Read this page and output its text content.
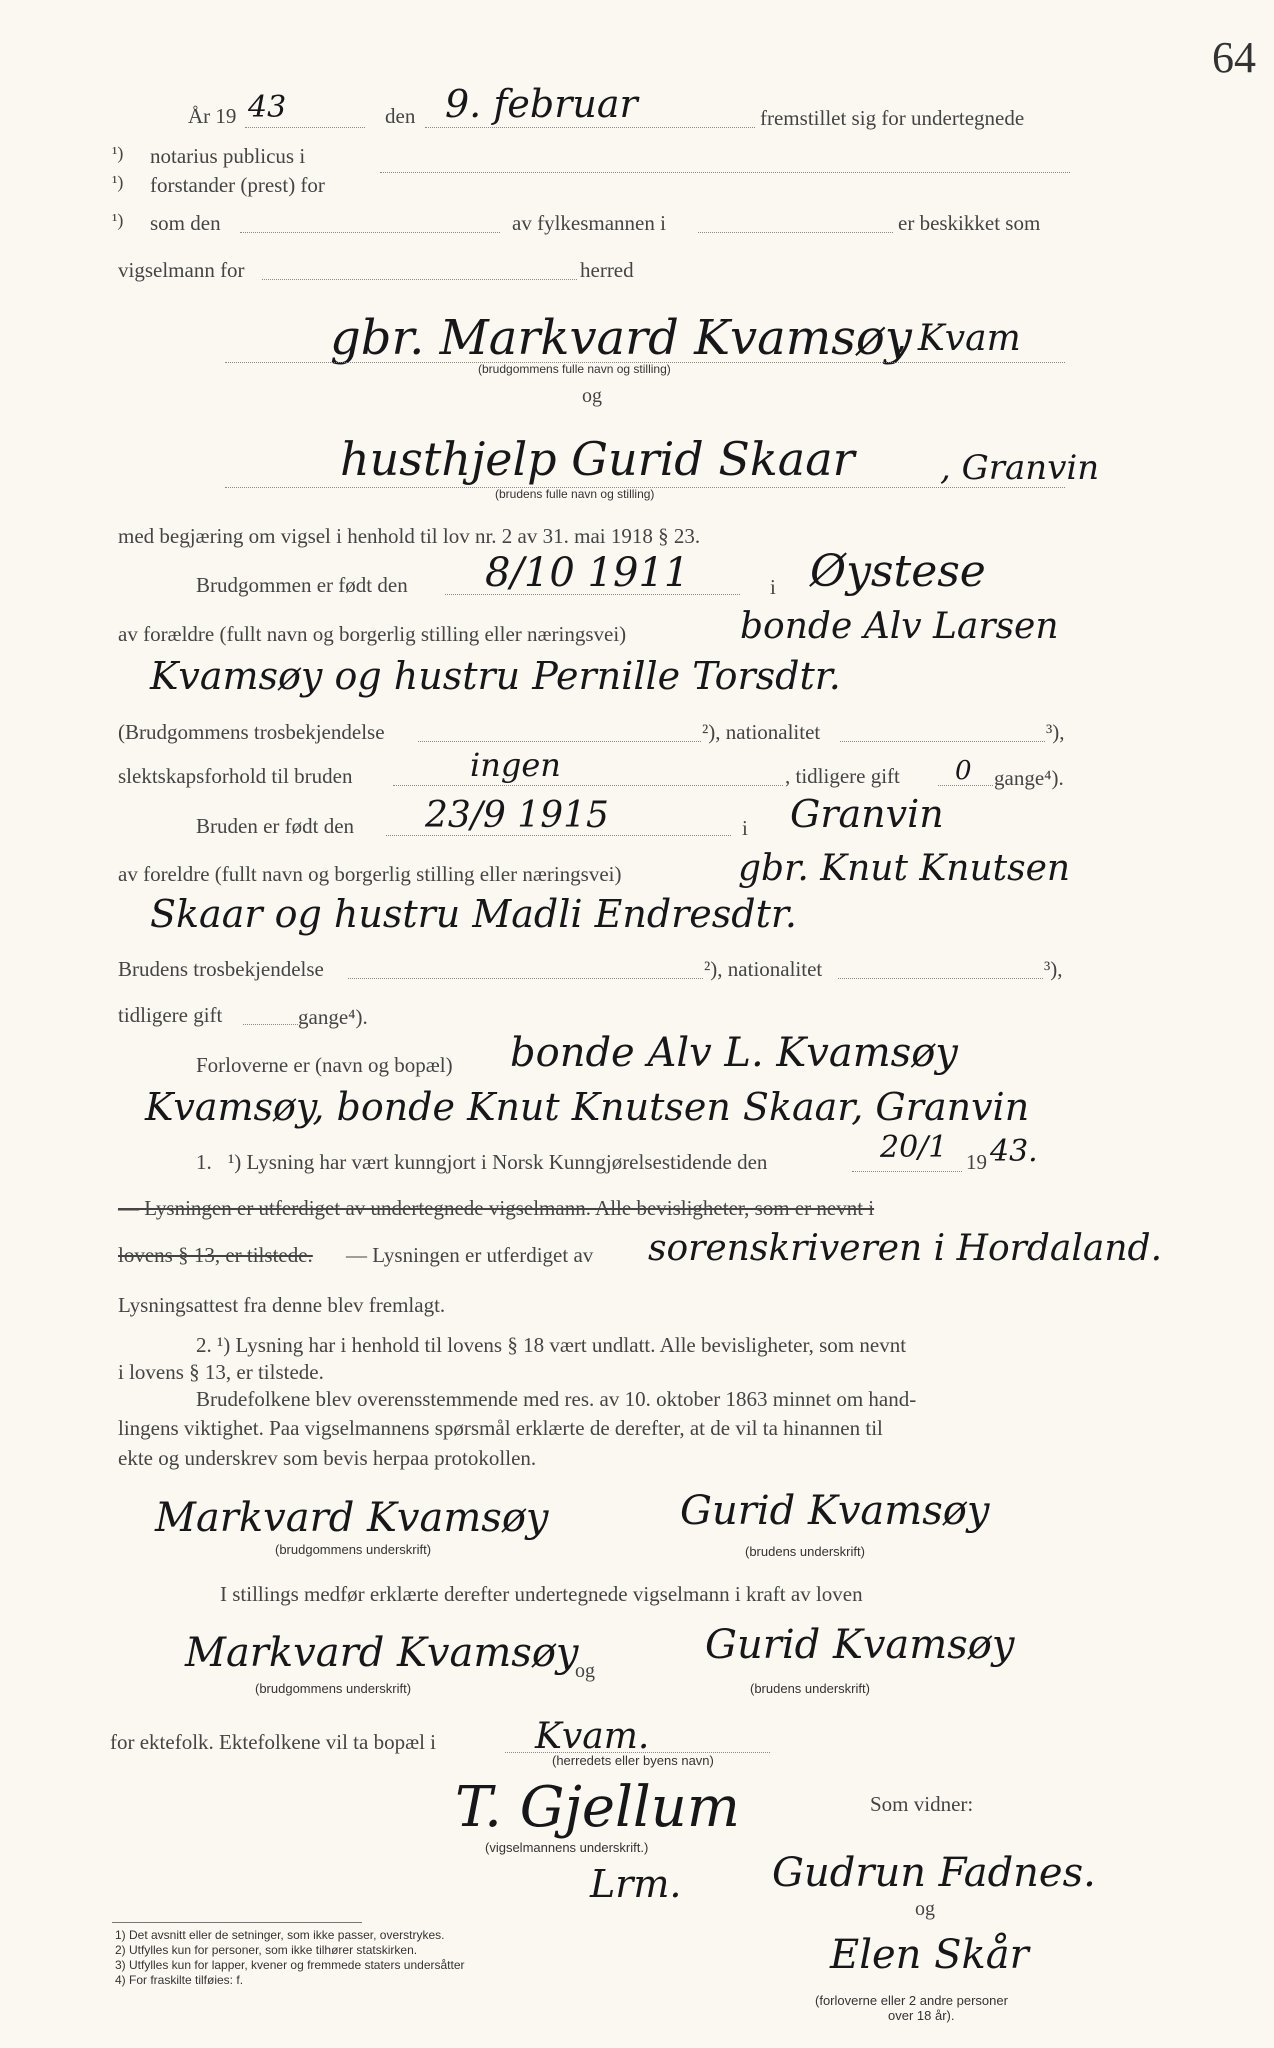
64
År 19 43	den 9. februar	fremstillet sig for undertegnede
¹) notarius publicus i
¹) forstander (prest) for
¹) som den	av fylkesmannen i	er beskikket som
vigselmann for	herred
gbr. Markvard Kvamsøy
, Kvam
(brudgommens fulle navn og stilling)
og
husthjelp Gurid Skaar	, Granvin
(brudens fulle navn og stilling)
med begjæring om vigsel i henhold til lov nr. 2 av 31. mai 1918 § 23.
Brudgommen er født den 8/10 1911	i Øystese
av forældre (fullt navn og borgerlig stilling eller næringsvei)	bonde Alv Larsen
Kvamsøy og hustru Pernille Torsdtr.
(Brudgommens trosbekjendelse	²), nationalitet	³),
slektskapsforhold til bruden	ingen	, tidligere gift 0 gange⁴).
Bruden er født den 23/9 1915	i Granvin
av foreldre (fullt navn og borgerlig stilling eller næringsvei)	gbr. Knut Knutsen
Skaar og hustru Madli Endresdtr.
Brudens trosbekjendelse	²), nationalitet	³),
tidligere gift	gange⁴).
Forloverne er (navn og bopæl) bonde Alv L. Kvamsøy
Kvamsøy, bonde Knut Knutsen Skaar, Granvin
1. ¹) Lysning har vært kunngjort i Norsk Kunngjørelsestidende den	20/1 19 43.
— Lysningen er utferdiget av undertegnede vigselmann. Alle bevisligheter, som er nevnt i
lovens § 13, er tilstede. — Lysningen er utferdiget av sorenskriveren i Hordaland.
Lysningsattest fra denne blev fremlagt.
2. ¹) Lysning har i henhold til lovens § 18 vært undlatt. Alle bevisligheter, som nevnt
i lovens § 13, er tilstede.
Brudefolkene blev overensstemmende med res. av 10. oktober 1863 minnet om hand-
lingens viktighet. Paa vigselmannens spørsmål erklærte de derefter, at de vil ta hinannen til
ekte og underskrev som bevis herpaa protokollen.
Markvard Kvamsøy
(brudgommens underskrift)
Gurid Kvamsøy
(brudens underskrift)
I stillings medfør erklærte derefter undertegnede vigselmann i kraft av loven
Markvard Kvamsøy
(brudgommens underskrift)
og
Gurid Kvamsøy
(brudens underskrift)
for ektefolk. Ektefolkene vil ta bopæl i	Kvam.
(herredets eller byens navn)
T. Gjellum
(vigselmannens underskrift.)
Lrm.
Som vidner:
Gudrun Fadnes.
og
Elen Skår
(forloverne eller 2 andre personer
over 18 år).
1) Det avsnitt eller de setninger, som ikke passer, overstrykes.
2) Utfylles kun for personer, som ikke tilhører statskirken.
3) Utfylles kun for lapper, kvener og fremmede staters undersåtter
4) For fraskilte tilføies: f.
